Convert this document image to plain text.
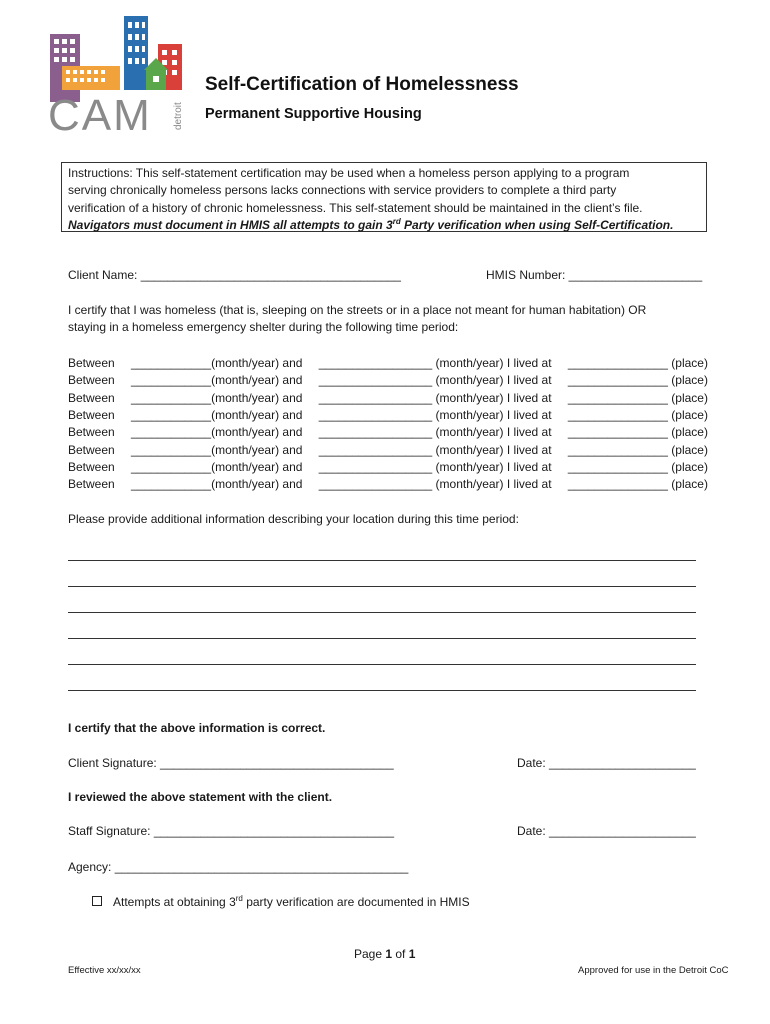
CAM detroit
Self-Certification of Homelessness
Permanent Supportive Housing
Instructions: This self-statement certification may be used when a homeless person applying to a program
serving chronically homeless persons lacks connections with service providers to complete a third party
verification of a history of chronic homelessness. This self-statement should be maintained in the client’s file.
Navigators must document in HMIS all attempts to gain 3rd Party verification when using Self-Certification.
Client Name: _______________________________________	HMIS Number: ____________________
I certify that I was homeless (that is, sleeping on the streets or in a place not meant for human habitation) OR
staying in a homeless emergency shelter during the following time period:
Between ____________(month/year) and _________________ (month/year) I lived at _______________ (place)
Between ____________(month/year) and _________________ (month/year) I lived at _______________ (place)
Between ____________(month/year) and _________________ (month/year) I lived at _______________ (place)
Between ____________(month/year) and _________________ (month/year) I lived at _______________ (place)
Between ____________(month/year) and _________________ (month/year) I lived at _______________ (place)
Between ____________(month/year) and _________________ (month/year) I lived at _______________ (place)
Between ____________(month/year) and _________________ (month/year) I lived at _______________ (place)
Between ____________(month/year) and _________________ (month/year) I lived at _______________ (place)
Please provide additional information describing your location during this time period:
I certify that the above information is correct.
Client Signature: ___________________________________	Date: ______________________
I reviewed the above statement with the client.
Staff Signature: ____________________________________	Date: ______________________
Agency: ____________________________________________
Attempts at obtaining 3rd party verification are documented in HMIS
Page 1 of 1
Effective xx/xx/xx	Approved for use in the Detroit CoC
